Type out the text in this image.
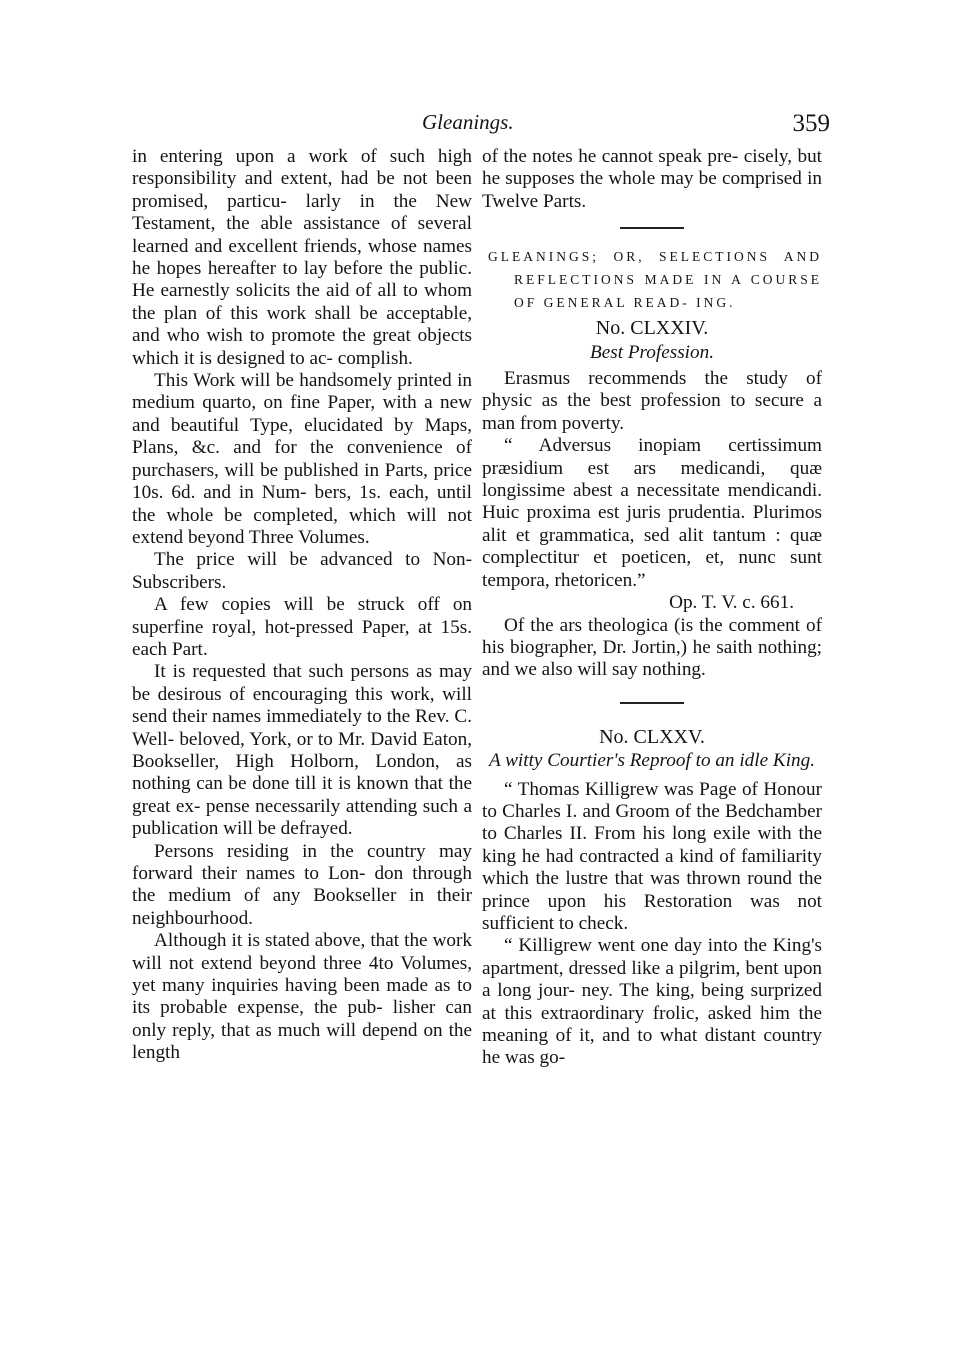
Gleanings.	359

in entering upon a work of such high responsibility and extent, had be not been promised, particu- larly in the New Testament, the able assistance of several learned and excellent friends, whose names he hopes hereafter to lay before the public. He earnestly solicits the aid of all to whom the plan of this work shall be acceptable, and who wish to promote the great objects which it is designed to ac- complish.

This Work will be handsomely printed in medium quarto, on fine Paper, with a new and beautiful Type, elucidated by Maps, Plans, &c. and for the convenience of purchasers, will be published in Parts, price 10s. 6d. and in Num- bers, 1s. each, until the whole be completed, which will not extend beyond Three Volumes.

The price will be advanced to Non-Subscribers.

A few copies will be struck off on superfine royal, hot-pressed Paper, at 15s. each Part.

It is requested that such persons as may be desirous of encouraging this work, will send their names immediately to the Rev. C. Well- beloved, York, or to Mr. David Eaton, Bookseller, High Holborn, London, as nothing can be done till it is known that the great ex- pense necessarily attending such a publication will be defrayed.

Persons residing in the country may forward their names to Lon- don through the medium of any Bookseller in their neighbourhood.

Although it is stated above, that the work will not extend beyond three 4to Volumes, yet many inquiries having been made as to its probable expense, the pub- lisher can only reply, that as much will depend on the length

of the notes he cannot speak pre- cisely, but he supposes the whole may be comprised in Twelve Parts.

GLEANINGS; OR, SELECTIONS AND REFLECTIONS MADE IN A COURSE OF GENERAL READ- ING.

No. CLXXIV.

Best Profession.

Erasmus recommends the study of physic as the best profession to secure a man from poverty.

“ Adversus inopiam certissimum præsidium est ars medicandi, quæ longissime abest a necessitate mendicandi. Huic proxima est juris prudentia. Plurimos alit et grammatica, sed alit tantum : quæ complectitur et poeticen, et, nunc sunt tempora, rhetoricen.”

Op. T. V. c. 661.

Of the ars theologica (is the comment of his biographer, Dr. Jortin,) he saith nothing; and we also will say nothing.

No. CLXXV.

A witty Courtier's Reproof to an idle King.

“ Thomas Killigrew was Page of Honour to Charles I. and Groom of the Bedchamber to Charles II. From his long exile with the king he had contracted a kind of familiarity which the lustre that was thrown round the prince upon his Restoration was not sufficient to check.

“ Killigrew went one day into the King's apartment, dressed like a pilgrim, bent upon a long jour- ney. The king, being surprized at this extraordinary frolic, asked him the meaning of it, and to what distant country he was go-
